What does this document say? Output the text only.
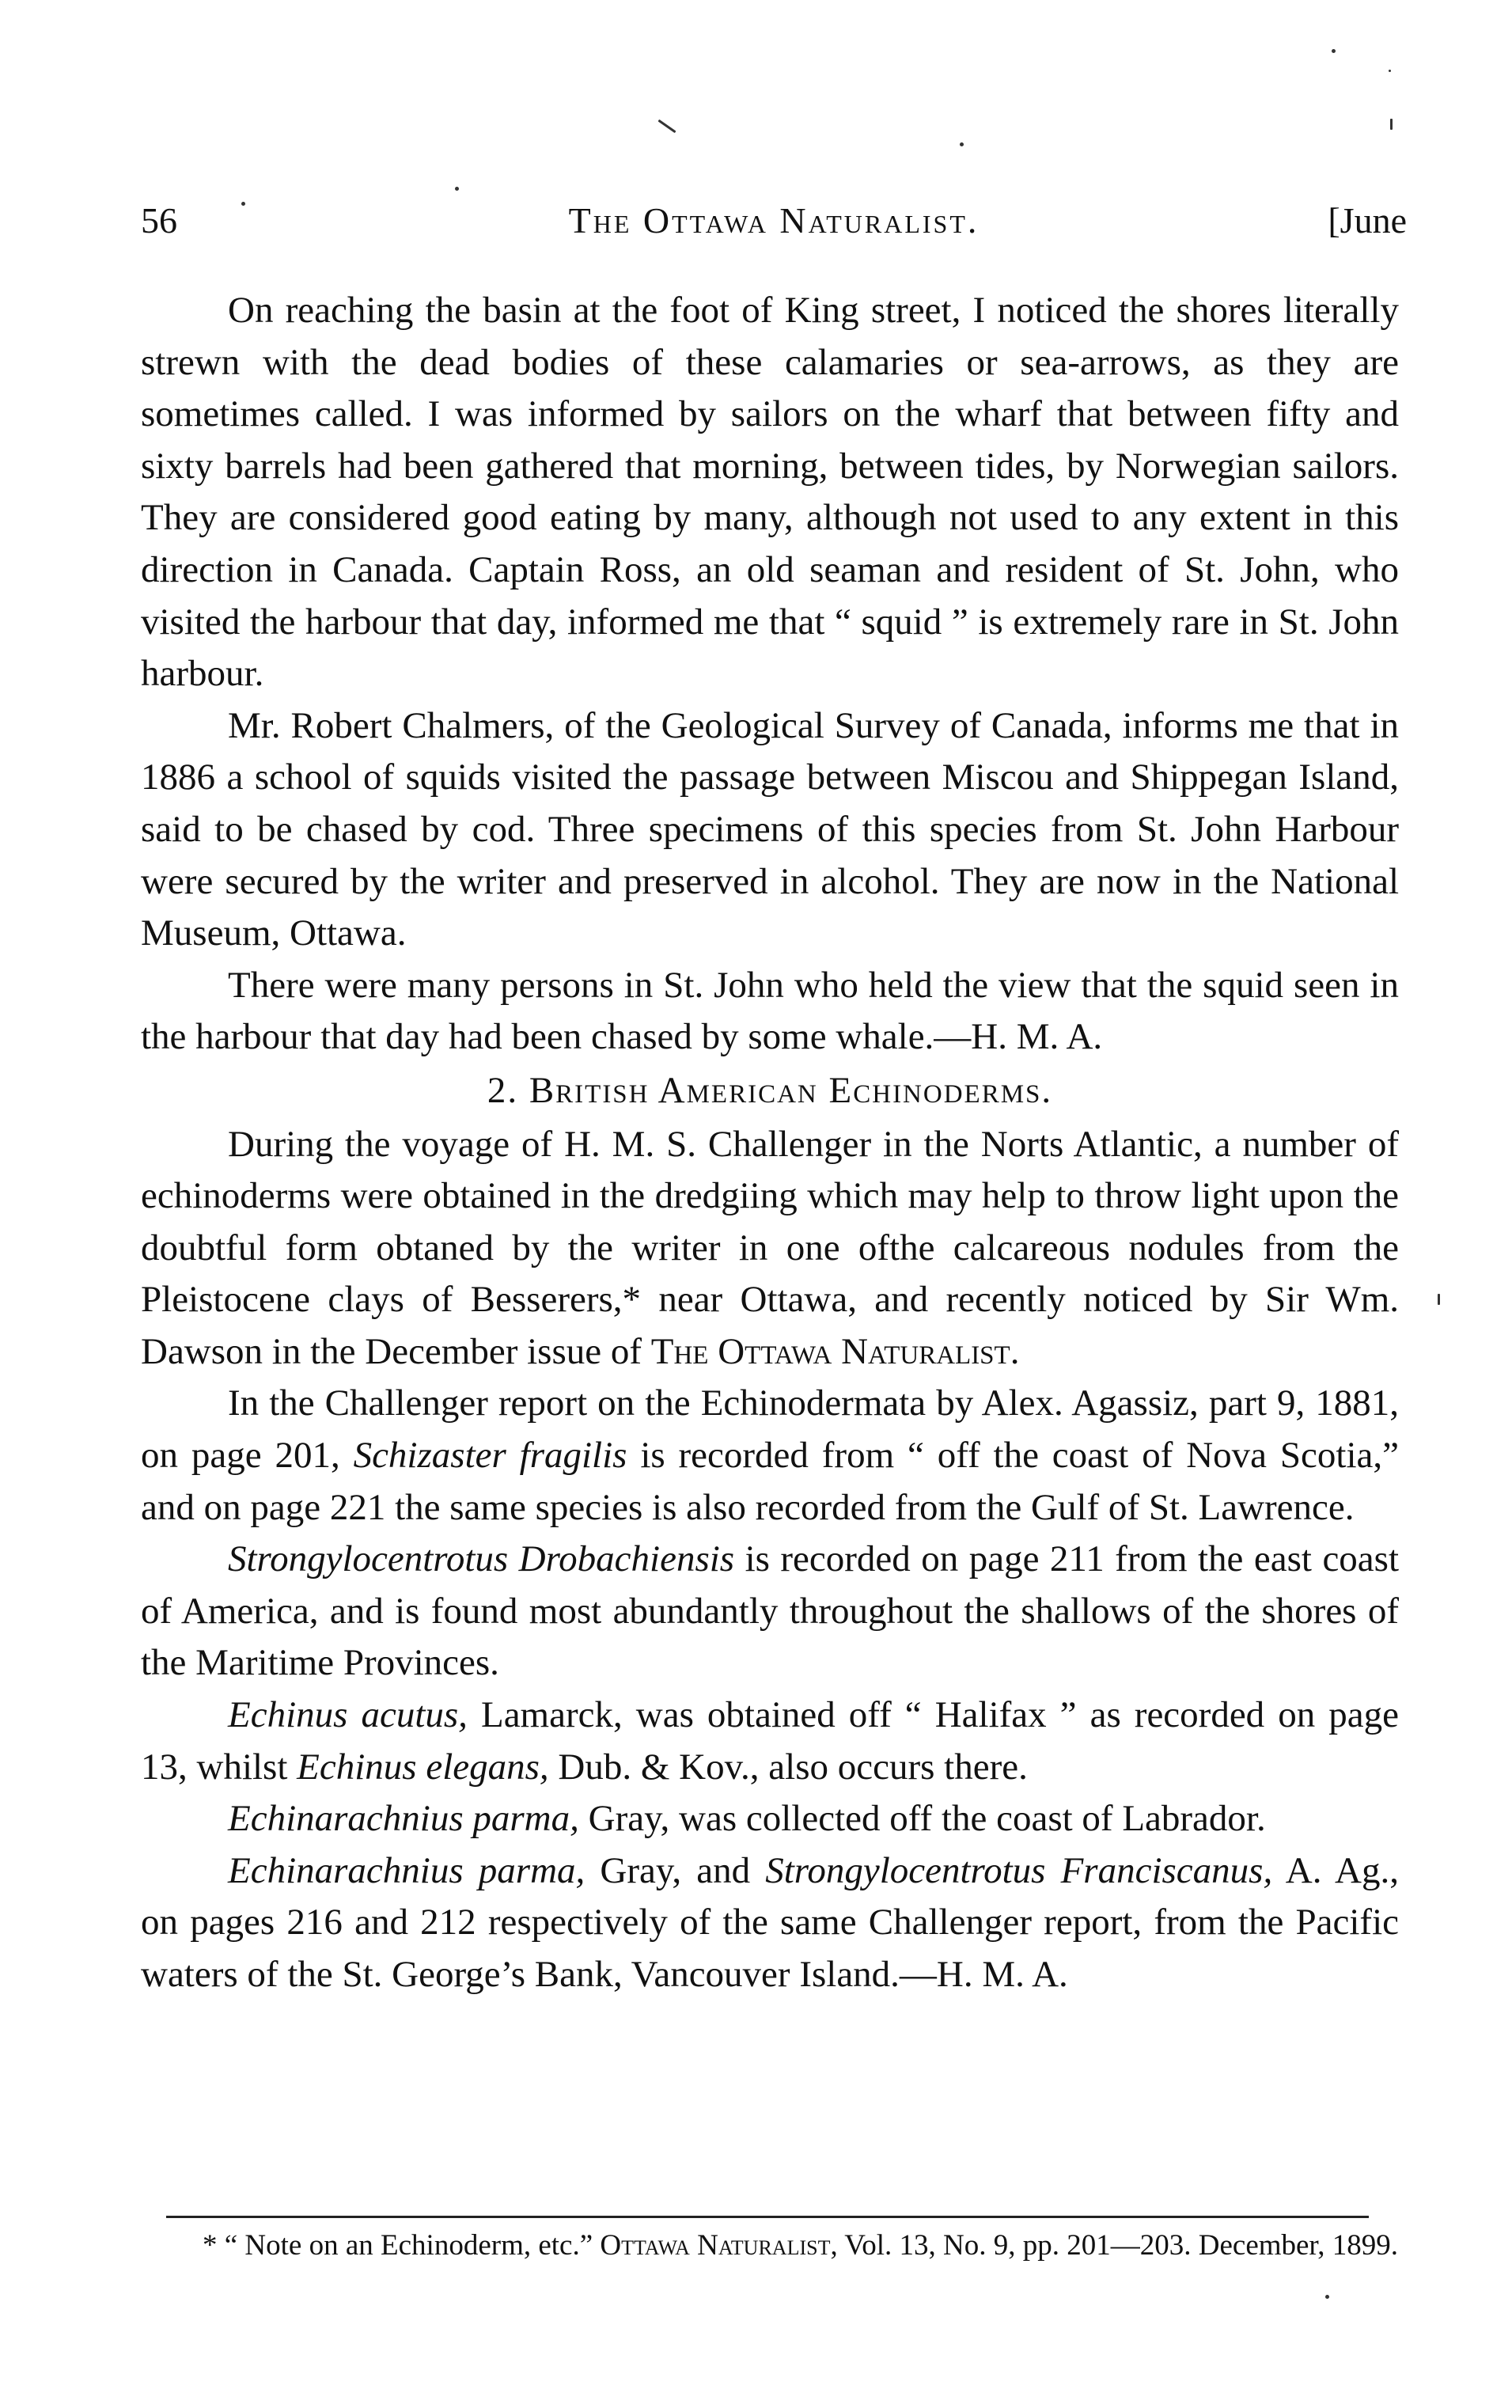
56	The Ottawa Naturalist.	[June

On reaching the basin at the foot of King street, I noticed the shores literally strewn with the dead bodies of these calamaries or sea-arrows, as they are sometimes called. I was informed by sailors on the wharf that between fifty and sixty barrels had been gathered that morning, between tides, by Norwegian sailors. They are considered good eating by many, although not used to any extent in this direction in Canada. Captain Ross, an old seaman and resident of St. John, who visited the harbour that day, informed me that “ squid ” is extremely rare in St. John harbour.

Mr. Robert Chalmers, of the Geological Survey of Canada, informs me that in 1886 a school of squids visited the passage between Miscou and Shippegan Island, said to be chased by cod. Three specimens of this species from St. John Harbour were secured by the writer and preserved in alcohol. They are now in the National Museum, Ottawa.

There were many persons in St. John who held the view that the squid seen in the harbour that day had been chased by some whale.—H. M. A.

2. British American Echinoderms.

During the voyage of H. M. S. Challenger in the Norts Atlantic, a number of echinoderms were obtained in the dredgiing which may help to throw light upon the doubtful form obtaned by the writer in one ofthe calcareous nodules from the Pleistocene clays of Besserers,* near Ottawa, and recently noticed by Sir Wm. Dawson in the December issue of The Ottawa Naturalist.

In the Challenger report on the Echinodermata by Alex. Agassiz, part 9, 1881, on page 201, Schizaster fragilis is recorded from “ off the coast of Nova Scotia,” and on page 221 the same species is also recorded from the Gulf of St. Lawrence.

Strongylocentrotus Drobachiensis is recorded on page 211 from the east coast of America, and is found most abundantly throughout the shallows of the shores of the Maritime Provinces.

Echinus acutus, Lamarck, was obtained off “ Halifax ” as recorded on page 13, whilst Echinus elegans, Dub. & Kov., also occurs there.

Echinarachnius parma, Gray, was collected off the coast of Labrador.

Echinarachnius parma, Gray, and Strongylocentrotus Franciscanus, A. Ag., on pages 216 and 212 respectively of the same Challenger report, from the Pacific waters of the St. George’s Bank, Vancouver Island.—H. M. A.

* “ Note on an Echinoderm, etc.” Ottawa Naturalist, Vol. 13, No. 9, pp. 201—203. December, 1899.
